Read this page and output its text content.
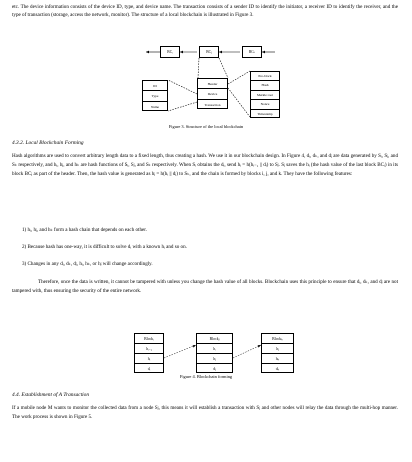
etc. The device information consists of the device ID, type, and device name. The transaction consists of a sender ID to identify the initiator, a receiver ID to identify the receiver, and the type of transaction (storage, access the network, monitor). The structure of a local blockchain is illustrated in Figure 3.

BCᵢ	BCⱼ	BCₖ
ID
Type
Name
Header
Device
Transaction
Pre-block
Hash
Merkle root
Nonce
Timestamp
Figure 3. Structure of the local blockchain
4.3.2. Local Blockchain Forming

Hash algorithms are used to convert arbitrary length data to a fixed length, thus creating a hash. We use it in our blockchain design. In Figure 4, dᵢ, dₖ, and dⱼ are data generated by Sᵢ, Sⱼ, and Sₖ respectively, and hᵢ, hⱼ, and hₖ are hash functions of Sᵢ, Sⱼ, and Sₖ respectively. When Sᵢ obtains the dᵢ, send hᵢ = h(hᵢ₋₁ || dᵢ) to Sⱼ. Sⱼ saves the hᵢ (the hash value of the last block BCᵢ) in its block BCⱼ as part of the header. Then, the hash value is generated as hⱼ = h(hᵢ || dⱼ) to Sₖ, and the chain is formed by blocks i, j, and k. They have the following features:

1) hᵢ, hⱼ, and hₖ form a hash chain that depends on each other.
2) Because hash has one-way, it is difficult to solve dᵢ with a known hᵢ and so on.
3) Changes in any dᵢ, dₖ, dⱼ, hᵢ, hₖ, or hⱼ will change accordingly.

Therefore, once the data is written, it cannot be tampered with unless you change the hash value of all blocks. Blockchain uses this principle to ensure that dᵢ, dₖ, and dⱼ are not tampered with, thus ensuring the security of the entire network.

Blockᵢ
hᵢ₋₁
hᵢ
dᵢ
Blockⱼ
hᵢ
hⱼ
dⱼ
Blockₖ
hⱼ
hₖ
dₖ
Figure 4. Blockchain forming
4.4. Establishment of A Transaction

If a mobile node M wants to monitor the collected data from a node Sⱼ, this means it will establish a transaction with Sⱼ and other nodes will relay the data through the multi-hop manner. The work process is shown in Figure 5.
